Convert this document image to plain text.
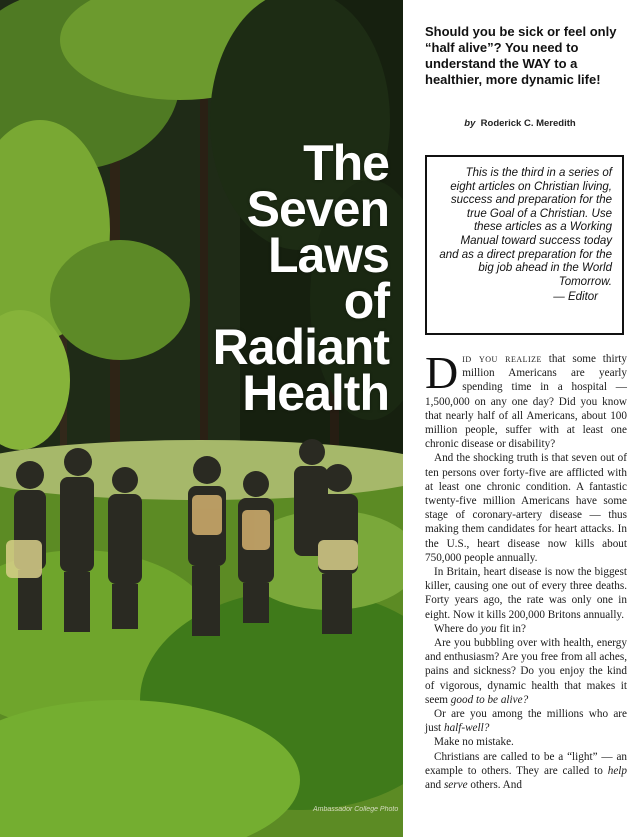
The
Seven
Laws
of
Radiant
Health
Ambassador College Photo
Should you be sick or feel only “half alive”? You need to understand the WAY to a healthier, more dynamic life!
by Roderick C. Meredith
This is the third in a series of eight articles on Christian living, success and preparation for the true Goal of a Christian. Use these articles as a Working Manual toward success today and as a direct preparation for the big job ahead in the World Tomorrow.
— Editor

Did you realize that some thirty million Americans are yearly spending time in a hospital — 1,500,000 on any one day? Did you know that nearly half of all Americans, about 100 million people, suffer with at least one chronic disease or disability?

And the shocking truth is that seven out of ten persons over forty-five are afflicted with at least one chronic condition. A fantastic twenty-five million Americans have some stage of coronary-artery disease — thus making them candidates for heart attacks. In the U.S., heart disease now kills about 750,000 people annually.

In Britain, heart disease is now the biggest killer, causing one out of every three deaths. Forty years ago, the rate was only one in eight. Now it kills 200,000 Britons annually.

Where do you fit in?

Are you bubbling over with health, energy and enthusiasm? Are you free from all aches, pains and sickness? Do you enjoy the kind of vigorous, dynamic health that makes it seem good to be alive?

Or are you among the millions who are just half-well?

Make no mistake.

Christians are called to be a “light” — an example to others. They are called to help and serve others. And
